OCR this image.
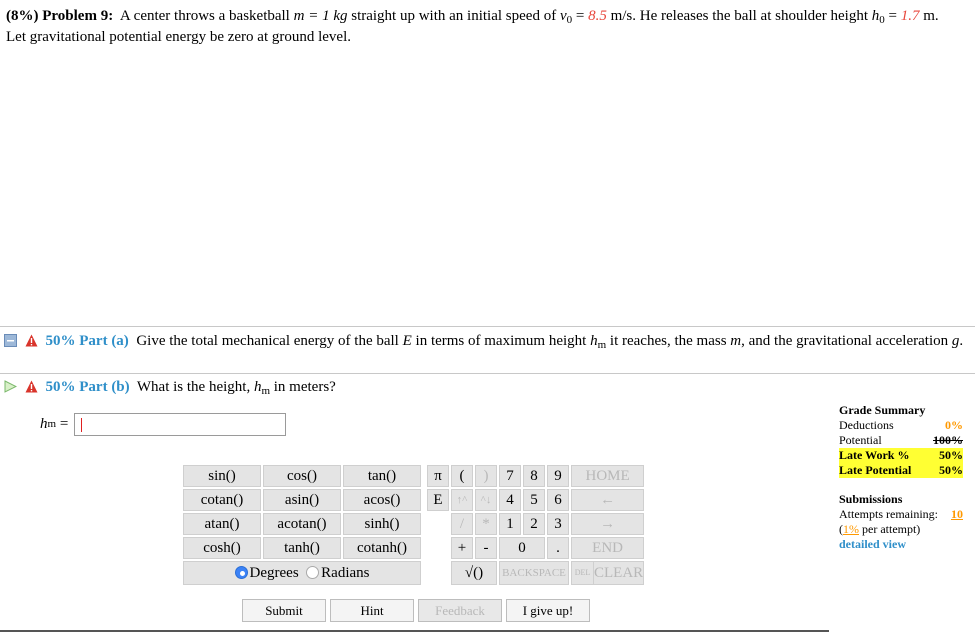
(8%) Problem 9: A center throws a basketball m = 1 kg straight up with an initial speed of $v_0 = 8.5$ m/s. He releases the ball at shoulder height $h_0 = 1.7$ m. Let gravitational potential energy be zero at ground level.
50% Part (a) Give the total mechanical energy of the ball E in terms of maximum height $h_m$ it reaches, the mass m, and the gravitational acceleration g.
50% Part (b) What is the height, $h_m$ in meters?
h m
=
sin()	cos()	tan()		π	(	)	7	8	9	HOME
cotan()	asin()	acos()		E	↑^	^↓	4	5	6	←
atan()	acotan()	sinh()			/	*	1	2	3	→
cosh()	tanh()	cotanh()			+	-	0		.	END
Degrees Radians					√()		BACKSPACE			DEL CLEAR
Submit	Hint	Feedback	I give up!
Grade Summary
Deductions	0%
Potential	100%
Late Work % 50%
Late Potential 50%
Submissions
Attempts remaining: 10
(1% per attempt)
detailed view
